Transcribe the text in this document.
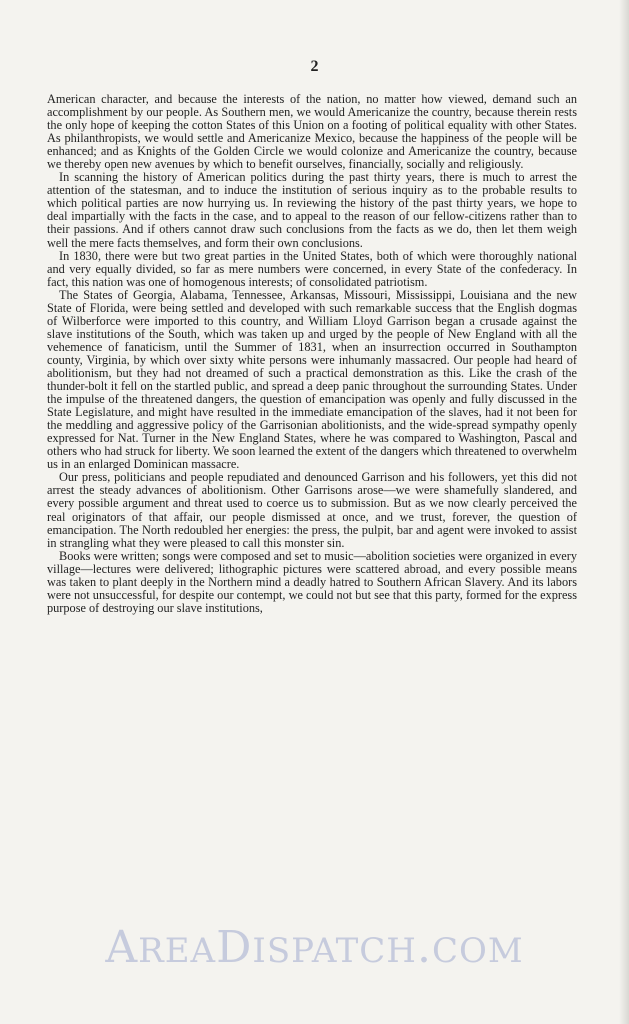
2

American character, and because the interests of the nation, no matter how viewed, demand such an accomplishment by our people. As Southern men, we would Americanize the country, because therein rests the only hope of keeping the cotton States of this Union on a footing of political equality with other States. As philanthropists, we would settle and Americanize Mexico, because the happiness of the people will be enhanced; and as Knights of the Golden Circle we would colonize and Americanize the country, because we thereby open new avenues by which to benefit ourselves, financially, socially and religiously.

In scanning the history of American politics during the past thirty years, there is much to arrest the attention of the statesman, and to induce the institution of serious inquiry as to the probable results to which political parties are now hurrying us. In reviewing the history of the past thirty years, we hope to deal impartially with the facts in the case, and to appeal to the reason of our fellow-citizens rather than to their passions. And if others cannot draw such conclusions from the facts as we do, then let them weigh well the mere facts themselves, and form their own conclusions.

In 1830, there were but two great parties in the United States, both of which were thoroughly national and very equally divided, so far as mere numbers were concerned, in every State of the confederacy. In fact, this nation was one of homogenous interests; of consolidated patriotism.

The States of Georgia, Alabama, Tennessee, Arkansas, Missouri, Mississippi, Louisiana and the new State of Florida, were being settled and developed with such remarkable success that the English dogmas of Wilberforce were imported to this country, and William Lloyd Garrison began a crusade against the slave institutions of the South, which was taken up and urged by the people of New England with all the vehemence of fanaticism, until the Summer of 1831, when an insurrection occurred in Southampton county, Virginia, by which over sixty white persons were inhumanly massacred. Our people had heard of abolitionism, but they had not dreamed of such a practical demonstration as this. Like the crash of the thunder-bolt it fell on the startled public, and spread a deep panic throughout the surrounding States. Under the impulse of the threatened dangers, the question of emancipation was openly and fully discussed in the State Legislature, and might have resulted in the immediate emancipation of the slaves, had it not been for the meddling and aggressive policy of the Garrisonian abolitionists, and the wide-spread sympathy openly expressed for Nat. Turner in the New England States, where he was compared to Washington, Pascal and others who had struck for liberty. We soon learned the extent of the dangers which threatened to overwhelm us in an enlarged Dominican massacre.

Our press, politicians and people repudiated and denounced Garrison and his followers, yet this did not arrest the steady advances of abolitionism. Other Garrisons arose—we were shamefully slandered, and every possible argument and threat used to coerce us to submission. But as we now clearly perceived the real originators of that affair, our people dismissed at once, and we trust, forever, the question of emancipation. The North redoubled her energies: the press, the pulpit, bar and agent were invoked to assist in strangling what they were pleased to call this monster sin.

Books were written; songs were composed and set to music—abolition societies were organized in every village—lectures were delivered; lithographic pictures were scattered abroad, and every possible means was taken to plant deeply in the Northern mind a deadly hatred to Southern African Slavery. And its labors were not unsuccessful, for despite our contempt, we could not but see that this party, formed for the express purpose of destroying our slave institutions,

AREADISPATCH.COM
